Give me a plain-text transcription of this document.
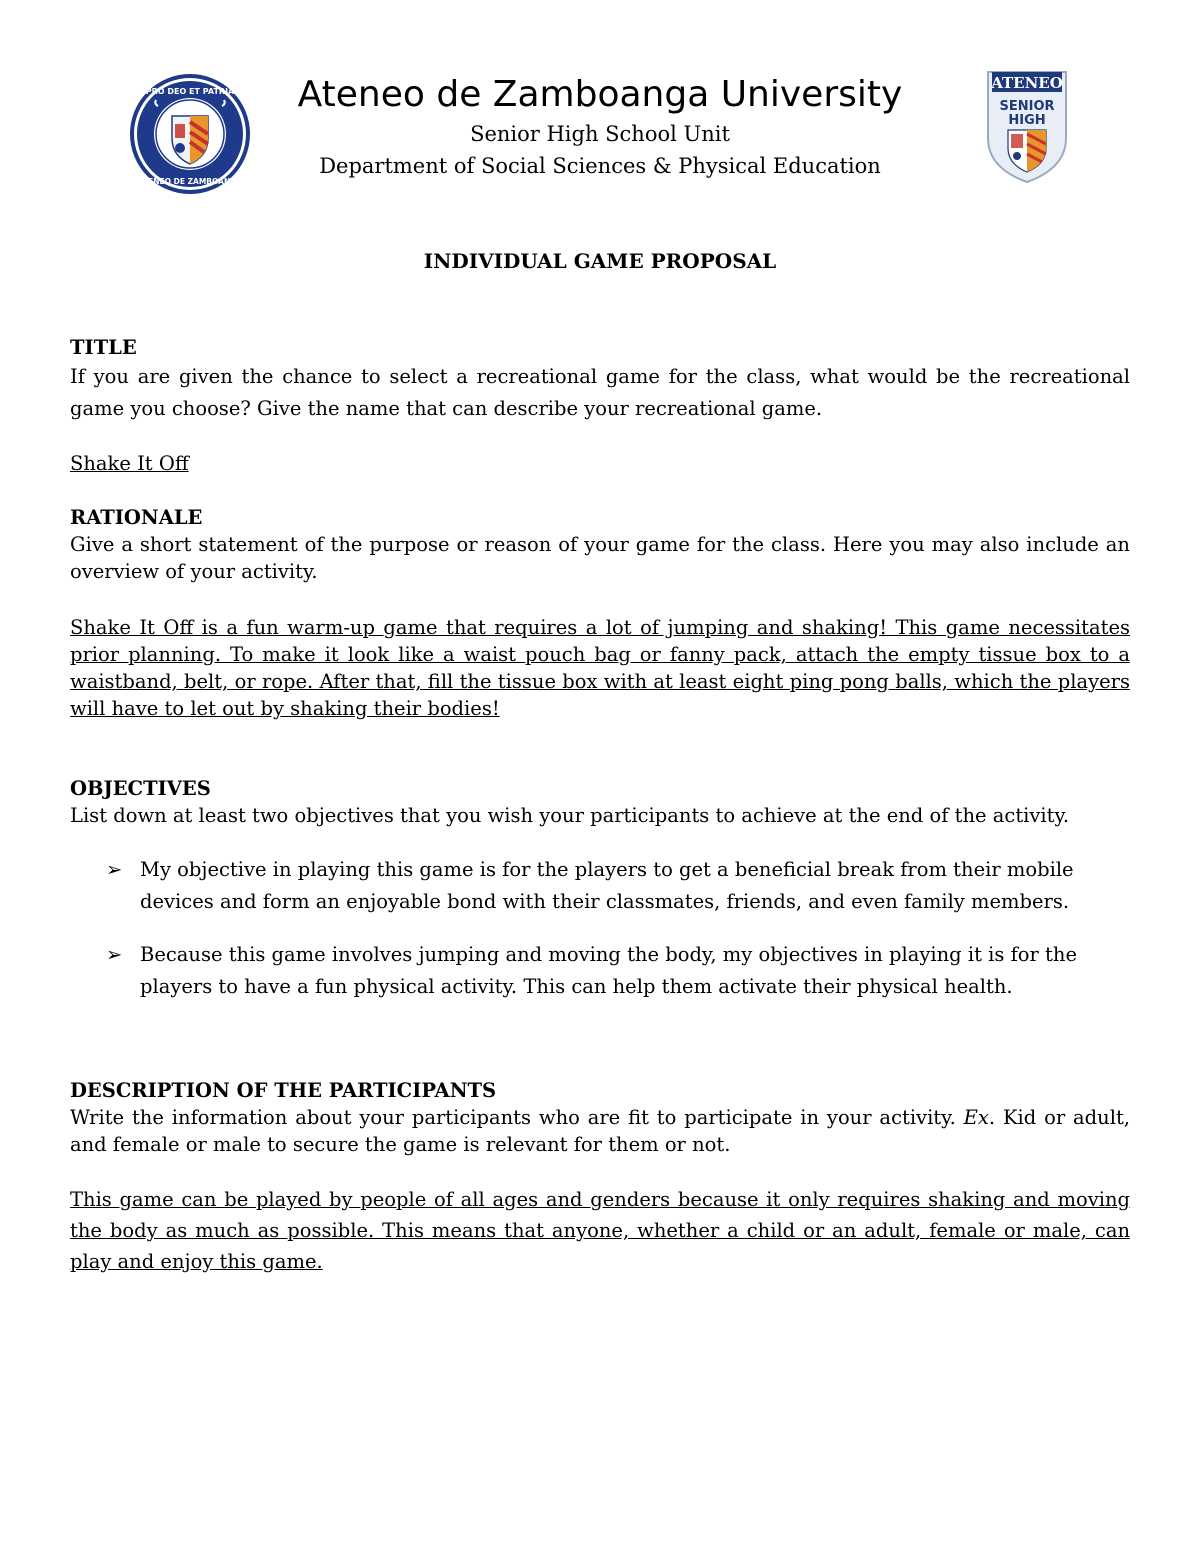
PRO DEO ET PATRIA
ATENEO DE ZAMBOANGA
Ateneo de Zamboanga University
Senior High School Unit
Department of Social Sciences & Physical Education
ATENEO
SENIOR
HIGH
INDIVIDUAL GAME PROPOSAL

TITLE

If you are given the chance to select a recreational game for the class, what would be the recreational game you choose? Give the name that can describe your recreational game.

Shake It Off

RATIONALE

Give a short statement of the purpose or reason of your game for the class. Here you may also include an overview of your activity.

Shake It Off is a fun warm-up game that requires a lot of jumping and shaking! This game necessitates prior planning. To make it look like a waist pouch bag or fanny pack, attach the empty tissue box to a waistband, belt, or rope. After that, fill the tissue box with at least eight ping pong balls, which the players will have to let out by shaking their bodies!

OBJECTIVES

List down at least two objectives that you wish your participants to achieve at the end of the activity.

➢ My objective in playing this game is for the players to get a beneficial break from their mobile devices and form an enjoyable bond with their classmates, friends, and even family members.
➢ Because this game involves jumping and moving the body, my objectives in playing it is for the players to have a fun physical activity. This can help them activate their physical health.

DESCRIPTION OF THE PARTICIPANTS

Write the information about your participants who are fit to participate in your activity. Ex. Kid or adult, and female or male to secure the game is relevant for them or not.

This game can be played by people of all ages and genders because it only requires shaking and moving the body as much as possible. This means that anyone, whether a child or an adult, female or male, can play and enjoy this game.
